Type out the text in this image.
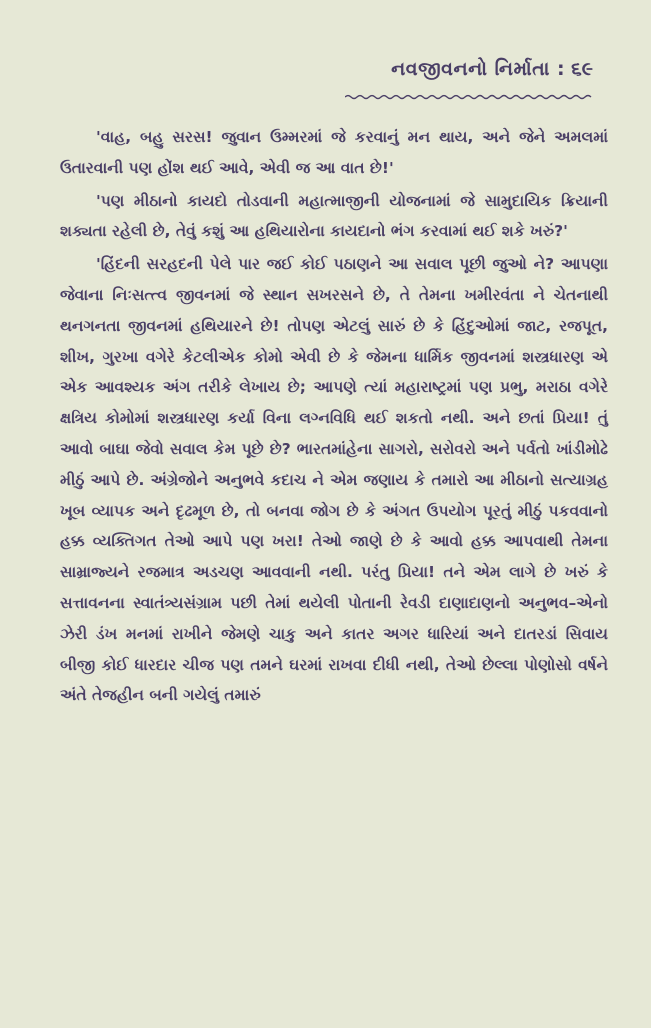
નવજીવનનો નિર્માતા : ૬૯

'વાહ, બહુ સરસ! જુવાન ઉમ્મરમાં જે કરવાનું મન થાય, અને જેને અમલમાં ઉતારવાની પણ હોંશ થઈ આવે, એવી જ આ વાત છે!'

'પણ મીઠાનો કાયદો તોડવાની મહાત્માજીની યોજનામાં જે સામુદાયિક ક્રિયાની શક્યતા રહેલી છે, તેવું કશું આ હથિયારોના કાયદાનો ભંગ કરવામાં થઈ શકે ખરું?'

'હિંદની સરહદની પેલે પાર જઈ કોઈ પઠાણને આ સવાલ પૂછી જુઓ ને? આપણા જેવાના નિઃસત્ત્વ જીવનમાં જે સ્થાન સખરસને છે, તે તેમના ખમીરવંતા ને ચેતનાથી થનગનતા જીવનમાં હથિયારને છે! તોપણ એટલું સારું છે કે હિંદુઓમાં જાટ, રજપૂત, શીખ, ગુરખા વગેરે કેટલીએક કોમો એવી છે કે જેમના ધાર્મિક જીવનમાં શસ્ત્રધારણ એ એક આવશ્યક અંગ તરીકે લેખાય છે; આપણે ત્યાં મહારાષ્ટ્રમાં પણ પ્રભુ, મરાઠા વગેરે ક્ષત્રિય કોમોમાં શસ્ત્રધારણ કર્યા વિના લગ્નવિધિ થઈ શકતો નથી. અને છતાં પ્રિયા! તું આવો બાઘા જેવો સવાલ કેમ પૂછે છે? ભારતમાંહેના સાગરો, સરોવરો અને પર્વતો ખાંડીમોઢે મીઠું આપે છે. અંગ્રેજોને અનુભવે કદાચ ને એમ જણાય કે તમારો આ મીઠાનો સત્યાગ્રહ ખૂબ વ્યાપક અને દૃઢમૂળ છે, તો બનવા જોગ છે કે અંગત ઉપયોગ પૂરતું મીઠું પકવવાનો હક્ક વ્યક્તિગત તેઓ આપે પણ ખરા! તેઓ જાણે છે કે આવો હક્ક આપવાથી તેમના સામ્રાજ્યને રજમાત્ર અડચણ આવવાની નથી. પરંતુ પ્રિયા! તને એમ લાગે છે ખરું કે સત્તાવનના સ્વાતંત્ર્યસંગ્રામ પછી તેમાં થયેલી પોતાની રેવડી દાણાદાણનો અનુભવ–એનો ઝેરી ડંખ મનમાં રાખીને જેમણે ચાકુ અને કાતર અગર ધારિયાં અને દાતરડાં સિવાય બીજી કોઈ ધારદાર ચીજ પણ તમને ઘરમાં રાખવા દીધી નથી, તેઓ છેલ્લા પોણોસો વર્ષને અંતે તેજહીન બની ગયેલું તમારું
